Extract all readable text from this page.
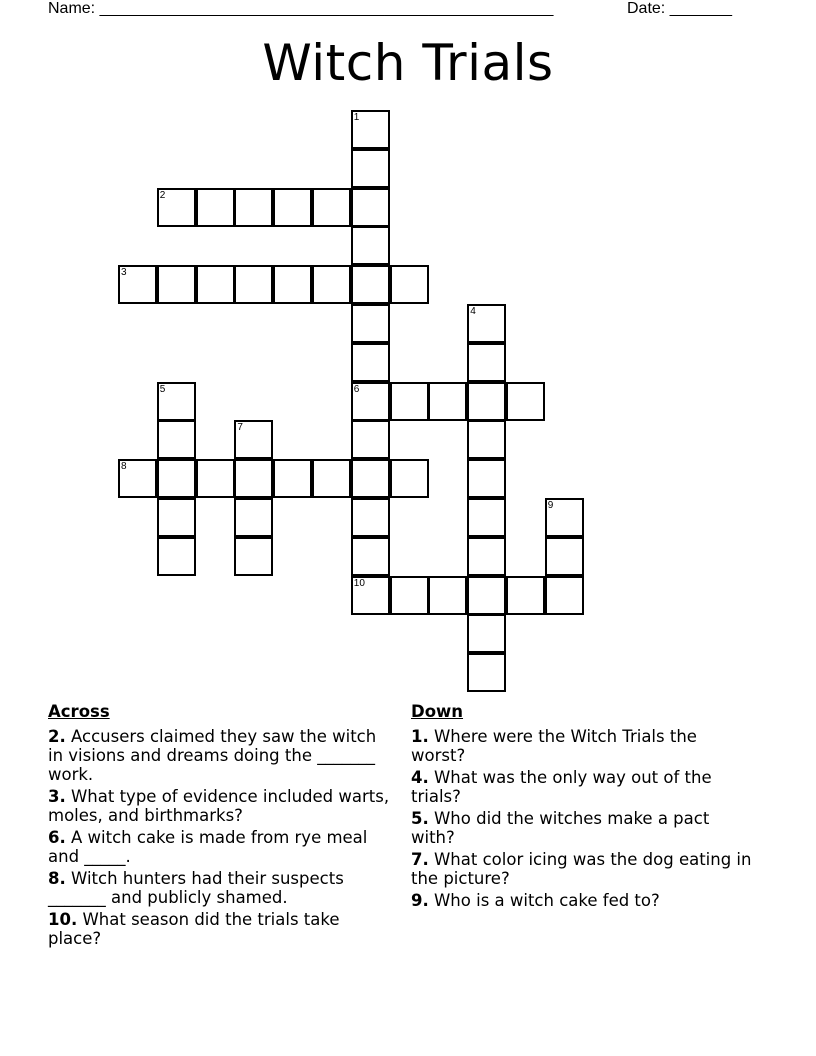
Name: ___________________________________________________	Date: _______
Witch Trials
1
2
3
4
5	6
7
8
9
10
Across
2. Accusers claimed they saw the witch in visions and dreams doing the _______ work.
3. What type of evidence included warts, moles, and birthmarks?
6. A witch cake is made from rye meal and _____.
8. Witch hunters had their suspects _______ and publicly shamed.
10. What season did the trials take place?
Down
1. Where were the Witch Trials the worst?
4. What was the only way out of the trials?
5. Who did the witches make a pact with?
7. What color icing was the dog eating in the picture?
9. Who is a witch cake fed to?
